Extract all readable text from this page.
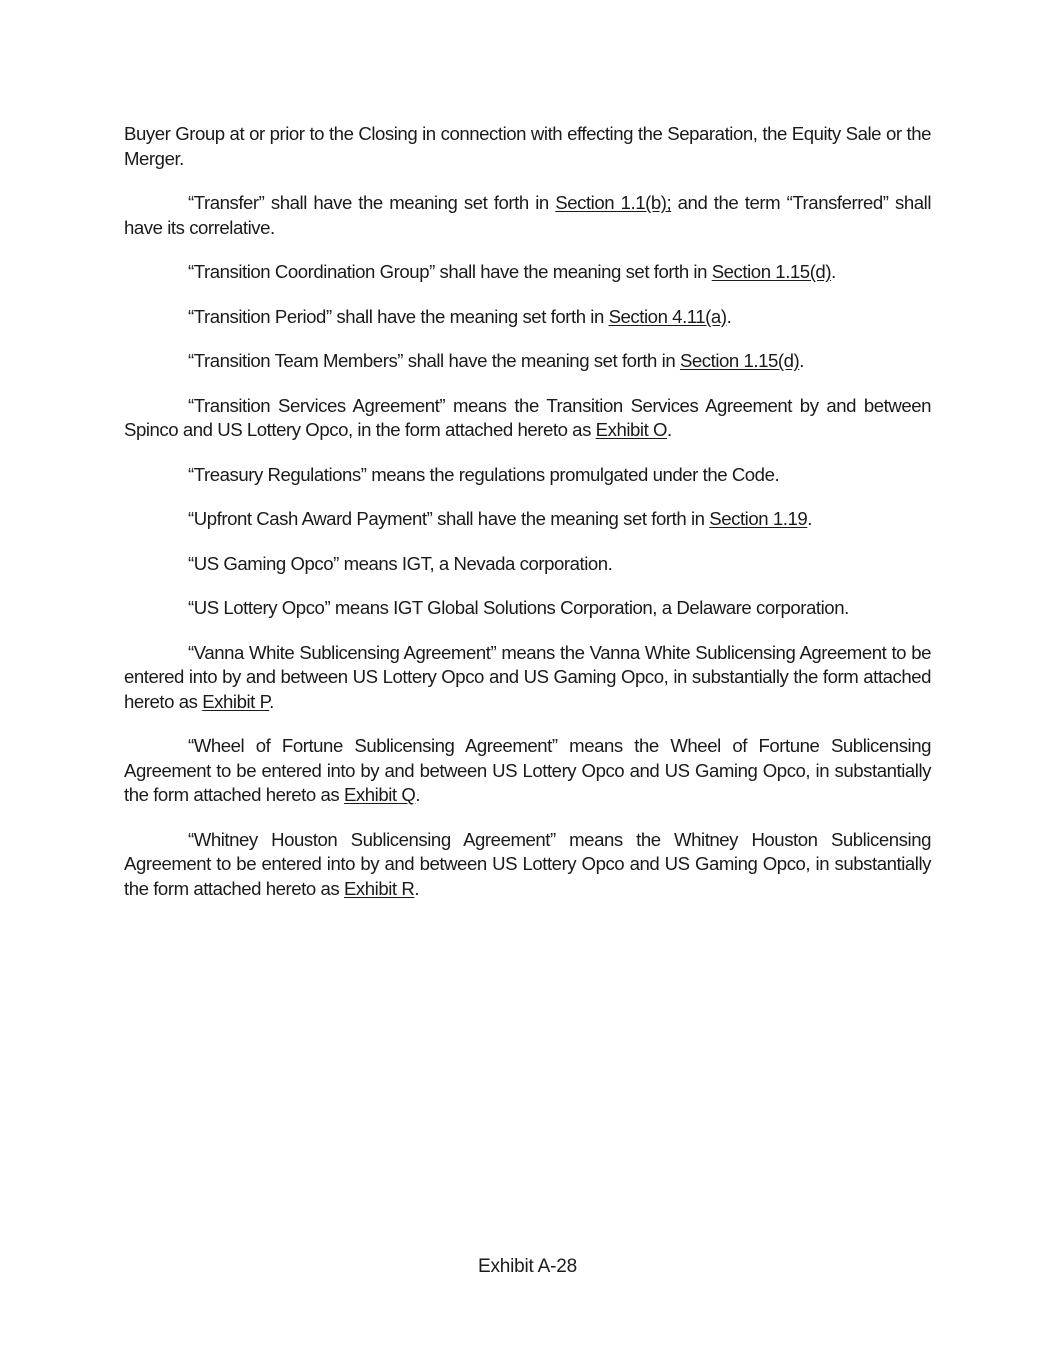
Buyer Group at or prior to the Closing in connection with effecting the Separation, the Equity Sale or the Merger.

“Transfer” shall have the meaning set forth in Section 1.1(b); and the term “Transferred” shall have its correlative.

“Transition Coordination Group” shall have the meaning set forth in Section 1.15(d).

“Transition Period” shall have the meaning set forth in Section 4.11(a).

“Transition Team Members” shall have the meaning set forth in Section 1.15(d).

“Transition Services Agreement” means the Transition Services Agreement by and between Spinco and US Lottery Opco, in the form attached hereto as Exhibit O.

“Treasury Regulations” means the regulations promulgated under the Code.

“Upfront Cash Award Payment” shall have the meaning set forth in Section 1.19.

“US Gaming Opco” means IGT, a Nevada corporation.

“US Lottery Opco” means IGT Global Solutions Corporation, a Delaware corporation.

“Vanna White Sublicensing Agreement” means the Vanna White Sublicensing Agreement to be entered into by and between US Lottery Opco and US Gaming Opco, in substantially the form attached hereto as Exhibit P.

“Wheel of Fortune Sublicensing Agreement” means the Wheel of Fortune Sublicensing Agreement to be entered into by and between US Lottery Opco and US Gaming Opco, in substantially the form attached hereto as Exhibit Q.

“Whitney Houston Sublicensing Agreement” means the Whitney Houston Sublicensing Agreement to be entered into by and between US Lottery Opco and US Gaming Opco, in substantially the form attached hereto as Exhibit R.

Exhibit A-28
